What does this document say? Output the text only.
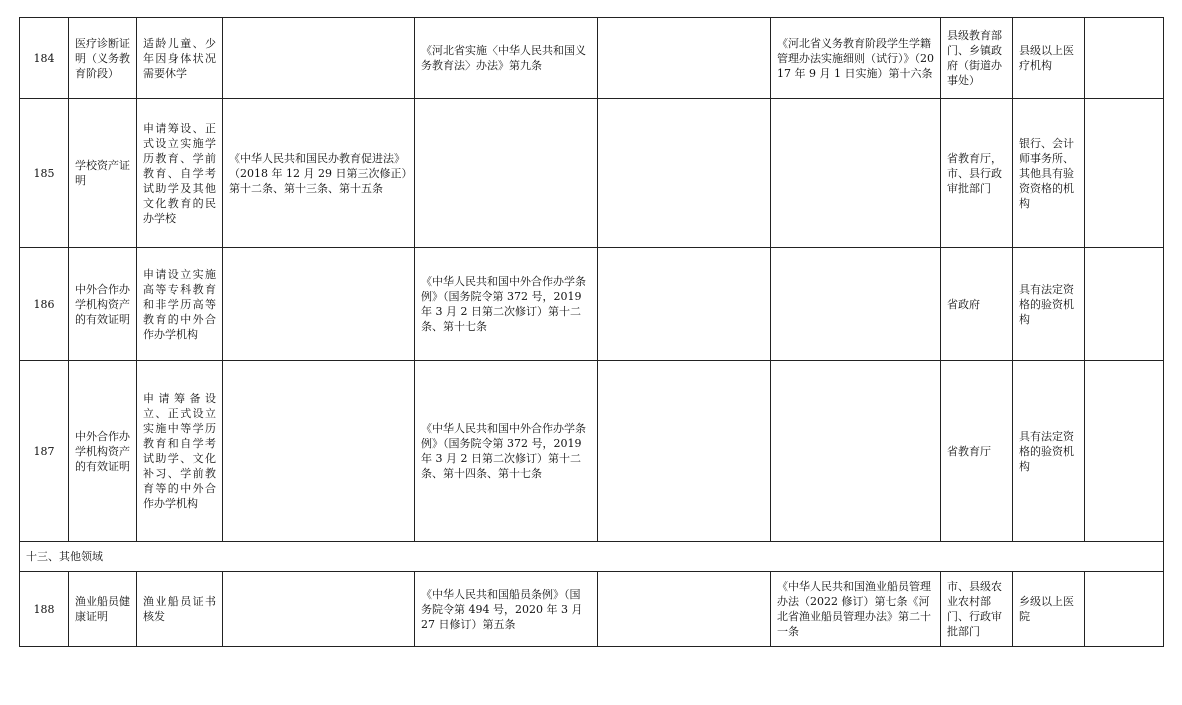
184	医疗诊断证明（义务教育阶段）	适龄儿童、少年因身体状况需要休学		《河北省实施〈中华人民共和国义务教育法〉办法》第九条		《河北省义务教育阶段学生学籍管理办法实施细则（试行）》（2017 年 9 月 1 日实施）第十六条	县级教育部门、乡镇政府（街道办事处）	县级以上医疗机构	
185	学校资产证明	申请筹设、正式设立实施学历教育、学前教育、自学考试助学及其他文化教育的民办学校	《中华人民共和国民办教育促进法》（2018 年 12 月 29 日第三次修正）第十二条、第十三条、第十五条				省教育厅，市、县行政审批部门	银行、会计师事务所、其他具有验资资格的机构	
186	中外合作办学机构资产的有效证明	申请设立实施高等专科教育和非学历高等教育的中外合作办学机构		《中华人民共和国中外合作办学条例》（国务院令第 372 号，2019 年 3 月 2 日第二次修订）第十二条、第十七条			省政府	具有法定资格的验资机构	
187	中外合作办学机构资产的有效证明	申请筹备设立、正式设立实施中等学历教育和自学考试助学、文化补习、学前教育等的中外合作办学机构		《中华人民共和国中外合作办学条例》（国务院令第 372 号，2019 年 3 月 2 日第二次修订）第十二条、第十四条、第十七条			省教育厅	具有法定资格的验资机构	
十三、其他领域									
188	渔业船员健康证明	渔业船员证书核发		《中华人民共和国船员条例》（国务院令第 494 号，2020 年 3 月 27 日修订）第五条		《中华人民共和国渔业船员管理办法（2022 修订）第七条《河北省渔业船员管理办法》第二十一条	市、县级农业农村部门、行政审批部门	乡级以上医院	
